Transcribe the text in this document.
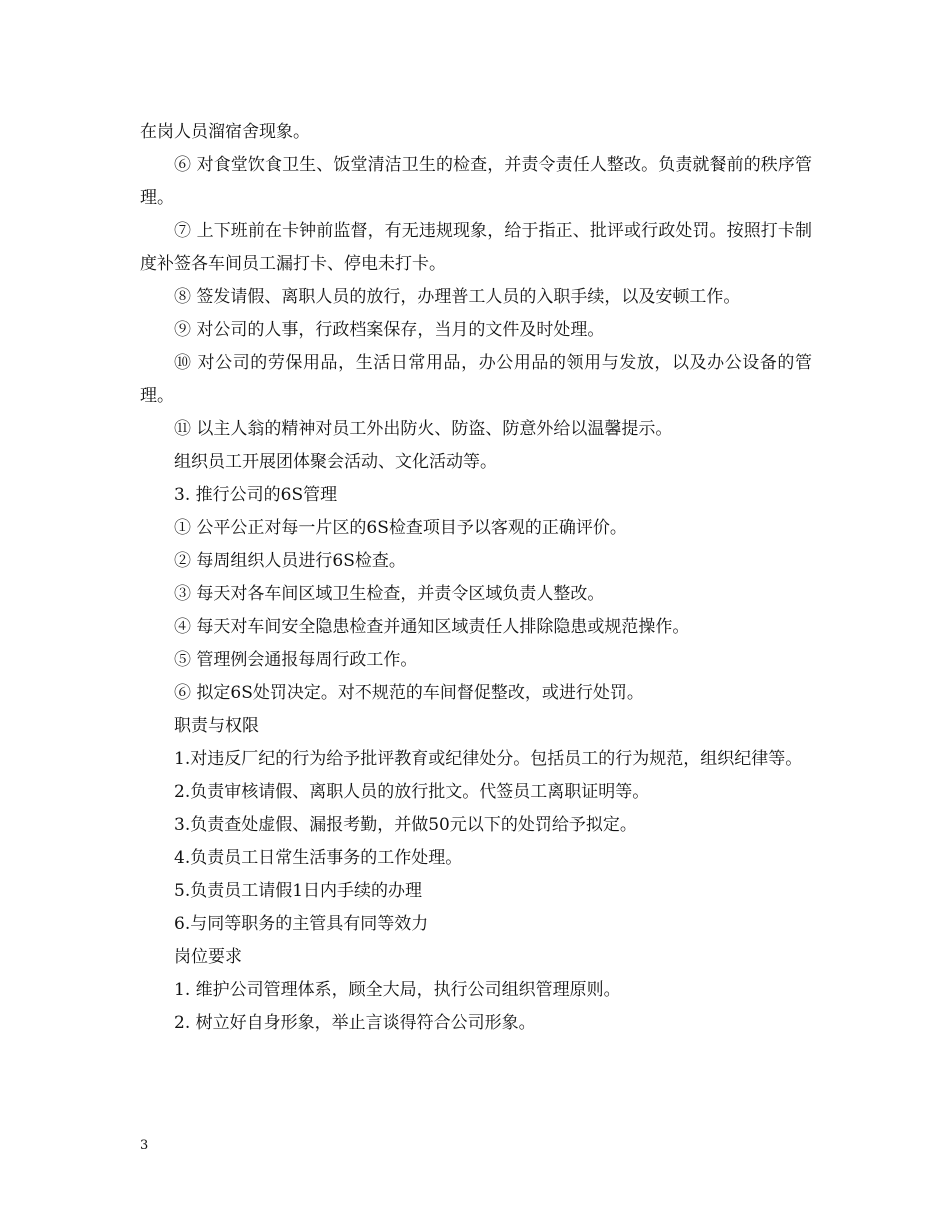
在岗人员溜宿舍现象。

⑥ 对食堂饮食卫生、饭堂清洁卫生的检查，并责令责任人整改。负责就餐前的秩序管理。

⑦ 上下班前在卡钟前监督，有无违规现象，给于指正、批评或行政处罚。按照打卡制度补签各车间员工漏打卡、停电未打卡。

⑧ 签发请假、离职人员的放行，办理普工人员的入职手续，以及安顿工作。

⑨ 对公司的人事，行政档案保存，当月的文件及时处理。

⑩ 对公司的劳保用品，生活日常用品，办公用品的领用与发放，以及办公设备的管理。

⑪ 以主人翁的精神对员工外出防火、防盗、防意外给以温馨提示。

组织员工开展团体聚会活动、文化活动等。

3. 推行公司的6S管理

① 公平公正对每一片区的6S检查项目予以客观的正确评价。

② 每周组织人员进行6S检查。

③ 每天对各车间区域卫生检查，并责令区域负责人整改。

④ 每天对车间安全隐患检查并通知区域责任人排除隐患或规范操作。

⑤ 管理例会通报每周行政工作。

⑥ 拟定6S处罚决定。对不规范的车间督促整改，或进行处罚。

职责与权限

1.对违反厂纪的行为给予批评教育或纪律处分。包括员工的行为规范，组织纪律等。

2.负责审核请假、离职人员的放行批文。代签员工离职证明等。

3.负责查处虚假、漏报考勤，并做50元以下的处罚给予拟定。

4.负责员工日常生活事务的工作处理。

5.负责员工请假1日内手续的办理

6.与同等职务的主管具有同等效力

岗位要求

1. 维护公司管理体系，顾全大局，执行公司组织管理原则。

2. 树立好自身形象，举止言谈得符合公司形象。

3
